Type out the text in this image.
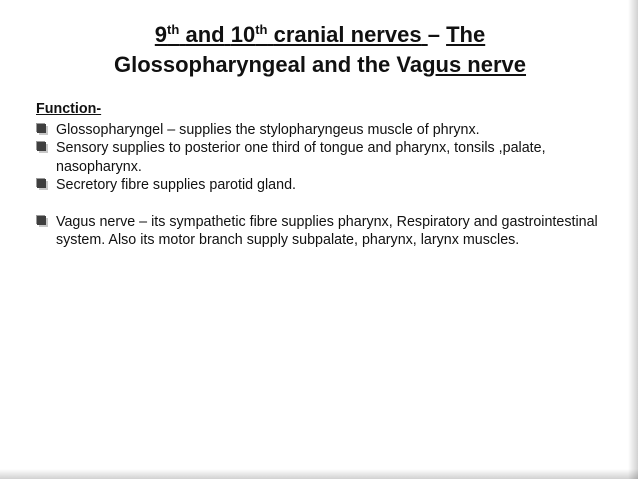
9th and 10th cranial nerves – The
Glossopharyngeal and the Vagus nerve
Function-
Glossopharyngel – supplies the stylopharyngeus muscle of phrynx.
Sensory supplies to posterior one third of tongue and pharynx, tonsils ,palate, nasopharynx.
Secretory fibre supplies parotid gland.
Vagus nerve – its sympathetic fibre supplies pharynx, Respiratory and gastrointestinal system. Also its motor branch supply subpalate, pharynx, larynx muscles.
